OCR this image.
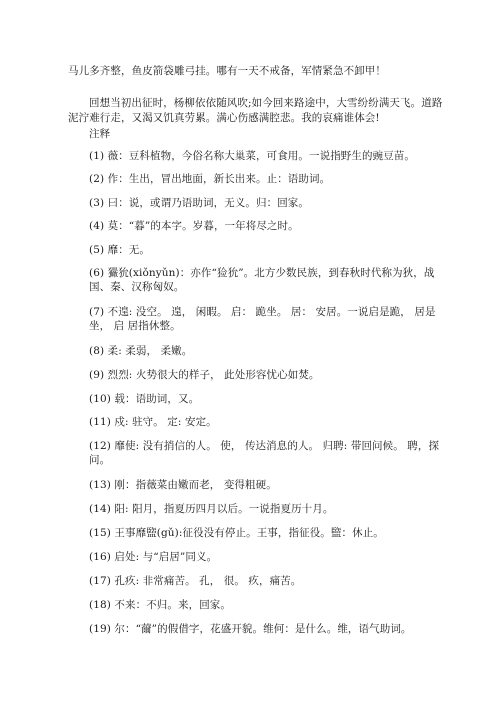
马儿多齐整，鱼皮箭袋雕弓挂。哪有一天不戒备，军情紧急不卸甲！
回想当初出征时，杨柳依依随风吹;如今回来路途中，大雪纷纷满天飞。道路
泥泞难行走，又渴又饥真劳累。满心伤感满腔悲。我的哀痛谁体会!
注释
(1) 薇：豆科植物，今俗名称大巢菜，可食用。一说指野生的豌豆苗。
(2) 作：生出，冒出地面，新长出来。止：语助词。
(3) 曰：说，或谓乃语助词，无义。归：回家。
(4) 莫：“暮”的本字。岁暮，一年将尽之时。
(5) 靡：无。
(6) 玁狁(xiǒnyǔn)：亦作“猃狁”。北方少数民族，到春秋时代称为狄，战国、秦、汉称匈奴。
(7) 不遑: 没空。 遑， 闲暇。 启： 跪坐。 居： 安居。一说启是跪， 居是坐， 启 居指休整。
(8) 柔: 柔弱， 柔嫩。
(9) 烈烈: 火势很大的样子， 此处形容忧心如焚。
(10) 载：语助词，又。
(11) 戍: 驻守。 定: 安定。
(12) 靡使: 没有捎信的人。 使， 传达消息的人。 归聘: 带回问候。 聘，探问。
(13) 刚：指薇菜由嫩而老， 变得粗硬。
(14) 阳: 阳月，指夏历四月以后。一说指夏历十月。
(15) 王事靡盬(gǔ):征役没有停止。王事，指征役。盬：休止。
(16) 启处: 与“启居”同义。
(17) 孔疚: 非常痛苦。 孔， 很。 疚，痛苦。
(18) 不来：不归。来，回家。
(19) 尔：“薾”的假借字，花盛开貌。维何：是什么。维，语气助词。
